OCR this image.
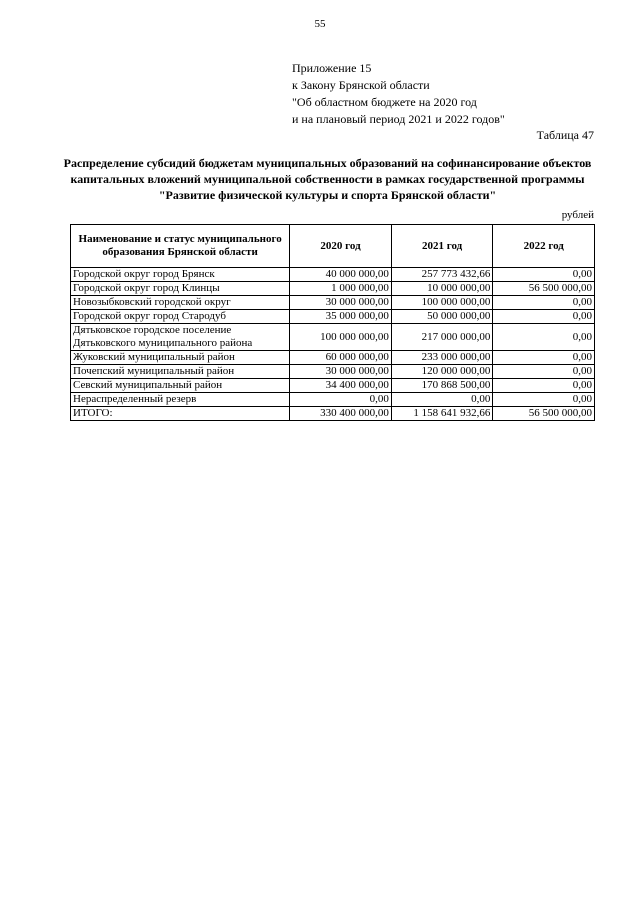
55
Приложение 15
к Закону Брянской области
"Об областном бюджете на 2020 год
и на плановый период 2021 и 2022 годов"
Таблица 47
Распределение субсидий бюджетам муниципальных образований на софинансирование объектов
капитальных вложений муниципальной собственности в рамках государственной программы
"Развитие физической культуры и спорта Брянской области"
рублей
Наименование и статус муниципального образования Брянской области	2020 год	2021 год	2022 год
Городской округ город Брянск	40 000 000,00	257 773 432,66	0,00
Городской округ город Клинцы	1 000 000,00	10 000 000,00	56 500 000,00
Новозыбковский городской округ	30 000 000,00	100 000 000,00	0,00
Городской округ город Стародуб	35 000 000,00	50 000 000,00	0,00
Дятьковское городское поселение Дятьковского муниципального района	100 000 000,00	217 000 000,00	0,00
Жуковский муниципальный район	60 000 000,00	233 000 000,00	0,00
Почепский муниципальный район	30 000 000,00	120 000 000,00	0,00
Севский муниципальный район	34 400 000,00	170 868 500,00	0,00
Нераспределенный резерв	0,00	0,00	0,00
ИТОГО:	330 400 000,00	1 158 641 932,66	56 500 000,00
